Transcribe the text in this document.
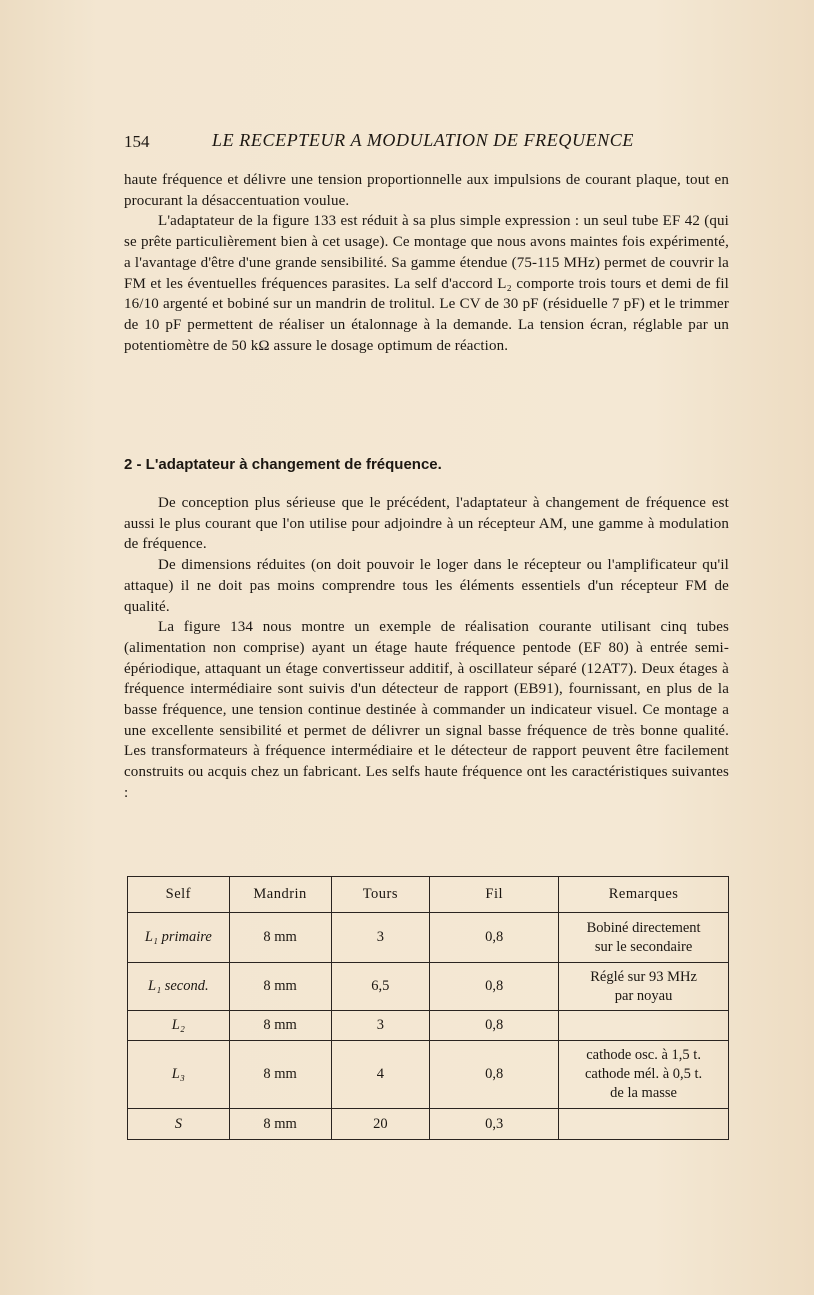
154	LE RECEPTEUR A MODULATION DE FREQUENCE

haute fréquence et délivre une tension proportionnelle aux impulsions de courant plaque, tout en procurant la désaccentuation voulue.

L'adaptateur de la figure 133 est réduit à sa plus simple expression : un seul tube EF 42 (qui se prête particulièrement bien à cet usage). Ce montage que nous avons maintes fois expérimenté, a l'avantage d'être d'une grande sensibilité. Sa gamme étendue (75-115 MHz) permet de couvrir la FM et les éventuelles fréquences parasites. La self d'accord L₂ comporte trois tours et demi de fil 16/10 argenté et bobiné sur un mandrin de trolitul. Le CV de 30 pF (résiduelle 7 pF) et le trimmer de 10 pF permettent de réaliser un étalonnage à la demande. La tension écran, réglable par un potentiomètre de 50 kΩ assure le dosage optimum de réaction.

2 - L'adaptateur à changement de fréquence.

De conception plus sérieuse que le précédent, l'adaptateur à changement de fréquence est aussi le plus courant que l'on utilise pour adjoindre à un récepteur AM, une gamme à modulation de fréquence.

De dimensions réduites (on doit pouvoir le loger dans le récepteur ou l'amplificateur qu'il attaque) il ne doit pas moins comprendre tous les éléments essentiels d'un récepteur FM de qualité.

La figure 134 nous montre un exemple de réalisation courante utilisant cinq tubes (alimentation non comprise) ayant un étage haute fréquence pentode (EF 80) à entrée semi-épériodique, attaquant un étage convertisseur additif, à oscillateur séparé (12AT7). Deux étages à fréquence intermédiaire sont suivis d'un détecteur de rapport (EB91), fournissant, en plus de la basse fréquence, une tension continue destinée à commander un indicateur visuel. Ce montage a une excellente sensibilité et permet de délivrer un signal basse fréquence de très bonne qualité. Les transformateurs à fréquence intermédiaire et le détecteur de rapport peuvent être facilement construits ou acquis chez un fabricant. Les selfs haute fréquence ont les caractéristiques suivantes :

Self	Mandrin	Tours	Fil	Remarques
L₁ primaire	8 mm	3	0,8	Bobiné directement
sur le secondaire

L₁ second.	8 mm	6,5	0,8	Réglé sur 93 MHz
par noyau

L₂	8 mm	3	0,8	
L₃	8 mm	4	0,8	cathode osc. à 1,5 t.
cathode mél. à 0,5 t.
de la masse

S	8 mm	20	0,3	
